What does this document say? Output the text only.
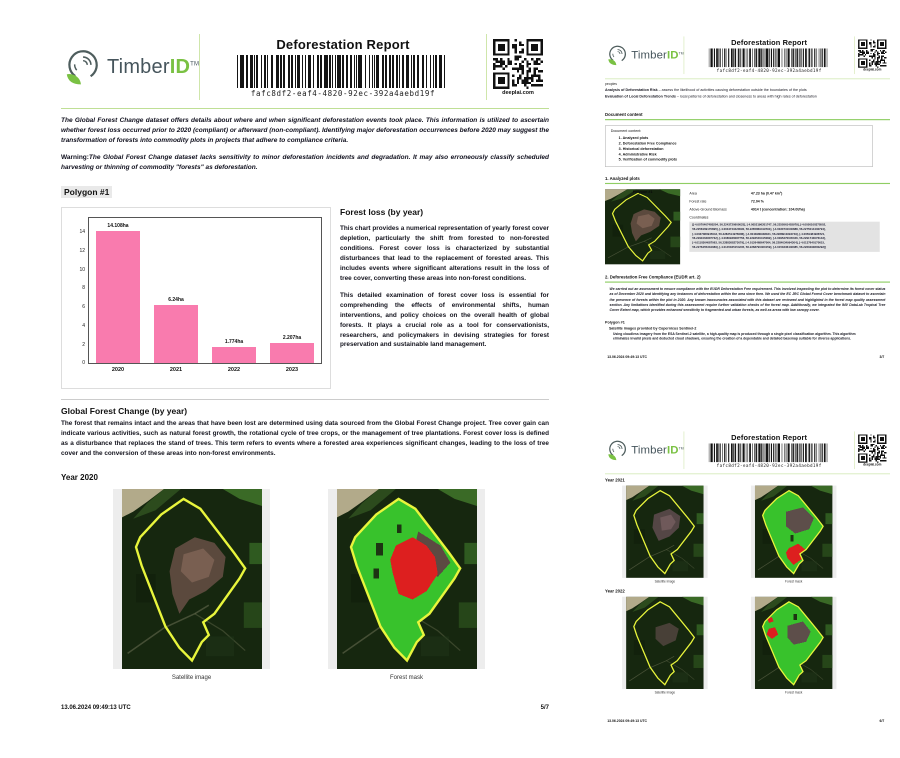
TimberID™
Deforestation Report
fafc8df2-eaf4-4820-92ec-392a4aebd19f	deeplai.com
The Global Forest Change dataset offers details about where and when significant deforestation events took place. This information is utilized to ascertain whether forest loss occurred prior to 2020 (compliant) or afterward (non-compliant). Identifying major deforestation occurrences before 2020 may suggest the transformation of forests into commodity plots in projects that adhere to compliance criteria.
Warning:The Global Forest Change dataset lacks sensitivity to minor deforestation incidents and degradation. It may also erroneously classify scheduled harvesting or thinning of commodity "forests" as deforestation.
Polygon #1
0
2
4
6
8
10
12
14
14.108ha
2020
6.24ha
2021
1.774ha
2022
2.207ha
2023
Forest loss (by year)
This chart provides a numerical representation of yearly forest cover depletion, particularly the shift from forested to non-forested conditions. Forest cover loss is characterized by substantial disturbances that lead to the replacement of forested areas. This includes events where significant alterations result in the loss of tree cover, converting these areas into non-forest conditions.
This detailed examination of forest cover loss is essential for comprehending the effects of environmental shifts, human interventions, and policy choices on the overall health of global forests. It plays a crucial role as a tool for conservationists, researchers, and policymakers in devising strategies for forest preservation and sustainable land management.
Global Forest Change (by year)
The forest that remains intact and the areas that have been lost are determined using data sourced from the Global Forest Change project. Tree cover gain can indicate various activities, such as natural forest growth, the rotational cycle of tree crops, or the management of tree plantations. Forest cover loss is defined as a disturbance that replaces the stand of trees. This term refers to events where a forested area experiences significant changes, leading to the loss of tree cover and the conversion of these areas into non-forest environments.
Year 2020
Satellite image	Forest mask
13.06.2024 09:49:13 UTC	5/7
TimberID™
Deforestation Report
fafc8df2-eaf4-4820-92ec-392a4aebd19f	deeplai.com
peoples
Analysis of Deforestation Risk – assess the likelihood of activities causing deforestation outside the boundaries of the plots
Evaluation of Local Deforestation Trends – local patterns of deforestation and closeness to areas with high rates of deforestation
Document content
Document content:
1. Analyzed plots
2. Deforestation Free Compliance
3. Historical deforestation
4. Administrative Risk
5. Verification of commodity plots
1. Analyzed plots
Polygon #1	Area	47.23 ha (0.47 km²)
Forest rate	72.04 %
Above-Ground Biomass	4914 t (concentration: 104.0t/ha)
Coordinates
[[-4.0070407480204, 56.2243720600025], [-4.0052196201747, 56.2250561403979], [-4.0050100370502,
56.2258169170895], [-4.0034743420090, 56.2265869419791], [-4.0030731040888, 56.2275014430794],
[-4.0037080945042, 56.2283514976086], [-4.0043980938021, 56.2288910394749], [-4.0059484938721,
56.2291064807732], [-4.0080936087756, 56.2293546415082], [-4.0095270045046, 56.2291743076143],
[-4.0110364087063, 56.2288268273079], [-4.0126468647064, 56.2284034994304], [-4.0137640170615,
56.2276455334089], [-4.0145035154235, 56.2268790460159], [-4.0150236446085, 56.2260290800292]]
2. Deforestation Free Compliance (EUDR art. 2)
We carried out an assessment to ensure compliance with the EUDR Deforestation Free requirement. This involved inspecting the plot to determine its forest cover status as of December 2020 and identifying any instances of deforestation within the area since then. We used the EC JRC Global Forest Cover benchmark dataset to ascertain the presence of forests within the plot in 2020. Any known inaccuracies associated with this dataset are reviewed and highlighted in the forest map quality assessment section. Any limitations identified during this assessment require further validation checks of the forest map. Additionally, we integrated the IMV DataLab Tropical Tree Cover Extent map, which provides enhanced sensitivity to fragmented and urban forests, as well as areas with low canopy cover.
Polygon #1
Satellite images provided by Copernicus Sentinel-2
Using cloudless imagery from the ESA Sentinel-2 satellite, a high-quality map is produced through a single pixel classification algorithm. This algorithm eliminates invalid pixels and deducted cloud shadows, ensuring the creation of a dependable and detailed basemap suitable for diverse applications.
13.06.2024 09:49:13 UTC	3/7
TimberID™
Deforestation Report
fafc8df2-eaf4-4820-92ec-392a4aebd19f	deeplai.com
Year 2021
Satellite image	Forest mask
Year 2022
Satellite image	Forest mask
13.06.2024 09:49:13 UTC	6/7
